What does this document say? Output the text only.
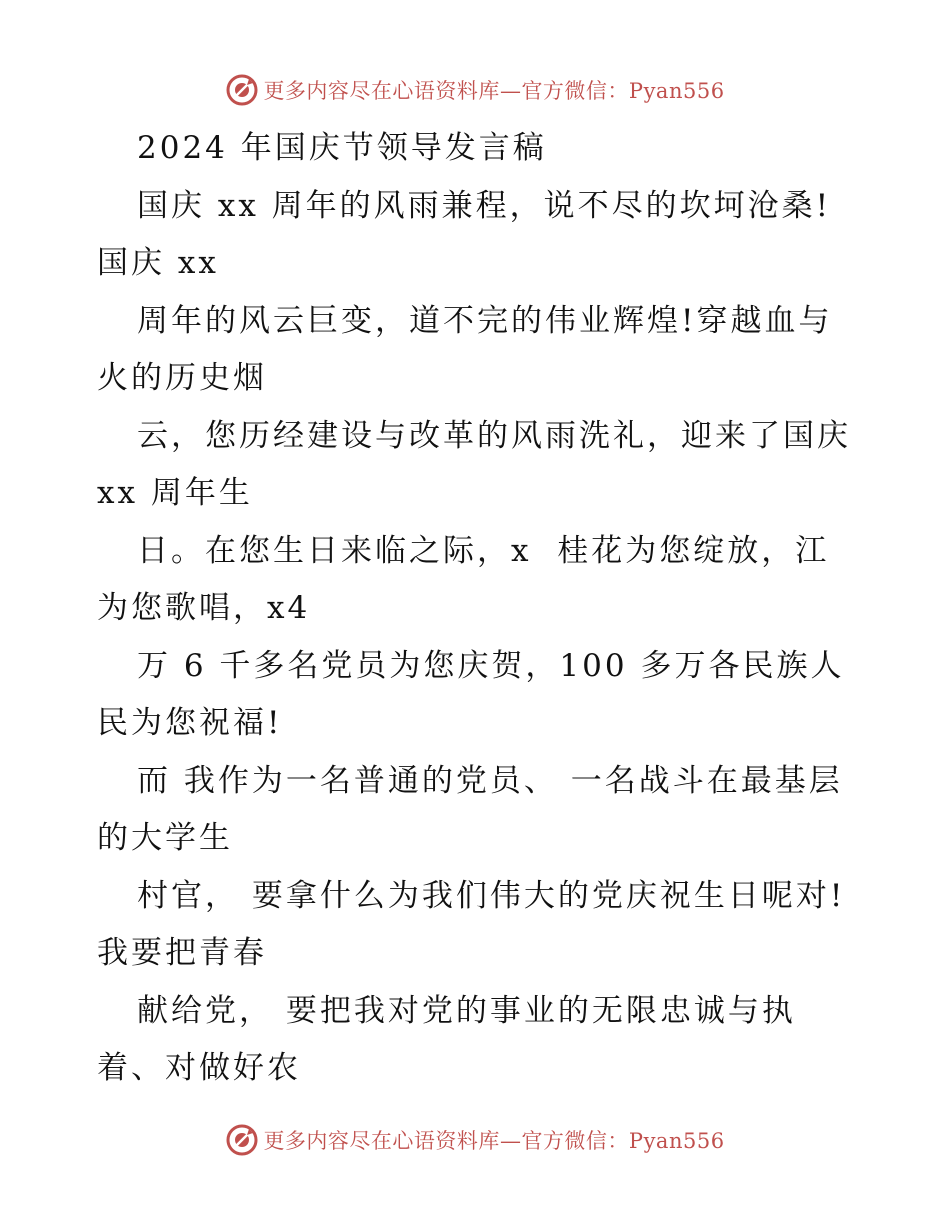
更多内容尽在心语资料库—官方微信：Pyan556
2024 年国庆节领导发言稿
国庆 xx 周年的风雨兼程，说不尽的坎坷沧桑!
国庆 xx
周年的风云巨变，道不完的伟业辉煌!穿越血与
火的历史烟
云，您历经建设与改革的风雨洗礼，迎来了国庆
xx 周年生
日。在您生日来临之际，x  桂花为您绽放，江
为您歌唱，x4
万 6 千多名党员为您庆贺，100 多万各民族人
民为您祝福!
而 我作为一名普通的党员、 一名战斗在最基层
的大学生
村官， 要拿什么为我们伟大的党庆祝生日呢对!
我要把青春
献给党， 要把我对党的事业的无限忠诚与执
着、对做好农
更多内容尽在心语资料库—官方微信：Pyan556
